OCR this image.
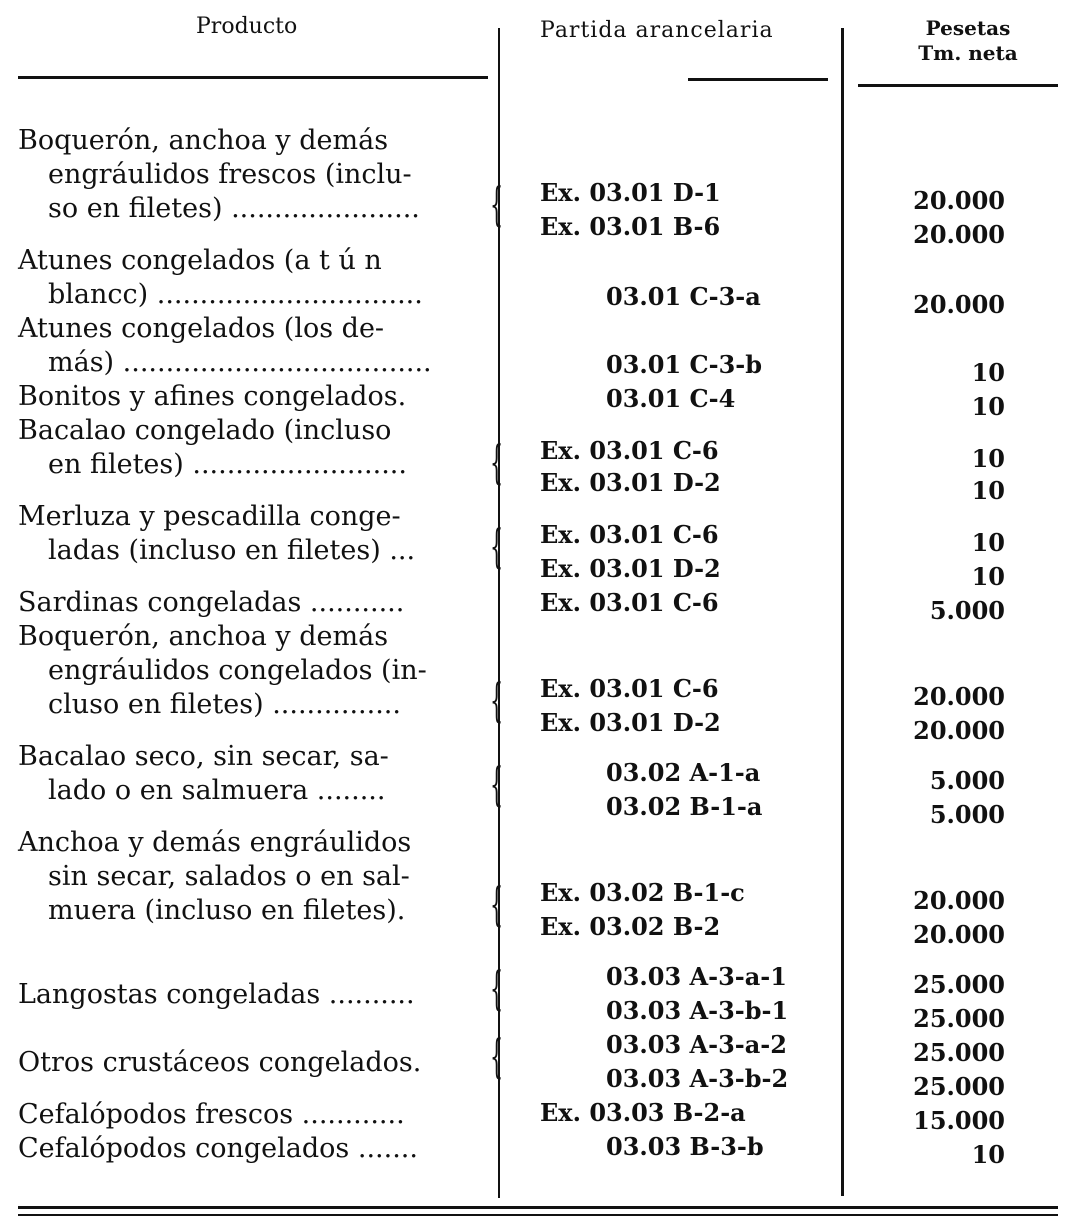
Producto	Partida arancelaria	Pesetas
Tm. neta
Boquerón, anchoa y demás
engráulidos frescos (inclu-
so en filetes) ......................	{ Ex. 03.01 D-1	20.000
Ex. 03.01 B-6	20.000
Atunes congelados (a t ú n
blancc) ...............................	03.01 C-3-a	20.000
Atunes congelados (los de-
más) ....................................	03.01 C-3-b	10
Bonitos y afines congelados.	03.01 C-4	10
Bacalao congelado (incluso
en filetes) .........................	{ Ex. 03.01 C-6	10
Ex. 03.01 D-2	10
Merluza y pescadilla conge-
ladas (incluso en filetes) ...	{ Ex. 03.01 C-6	10
Ex. 03.01 D-2	10
Sardinas congeladas ...........	Ex. 03.01 C-6	5.000
Boquerón, anchoa y demás
engráulidos congelados (in-
cluso en filetes) ...............	{ Ex. 03.01 C-6	20.000
Ex. 03.01 D-2	20.000
Bacalao seco, sin secar, sa-
lado o en salmuera ........	{	03.02 A-1-a	5.000
03.02 B-1-a	5.000
Anchoa y demás engráulidos
sin secar, salados o en sal-
muera (incluso en filetes).	{ Ex. 03.02 B-1-c	20.000
Ex. 03.02 B-2	20.000
Langostas congeladas ..........	{	03.03 A-3-a-1	25.000
03.03 A-3-b-1	25.000
Otros crustáceos congelados.	{	03.03 A-3-a-2	25.000
03.03 A-3-b-2	25.000
Cefalópodos frescos ............	Ex. 03.03 B-2-a	15.000
Cefalópodos congelados .......	03.03 B-3-b	10
